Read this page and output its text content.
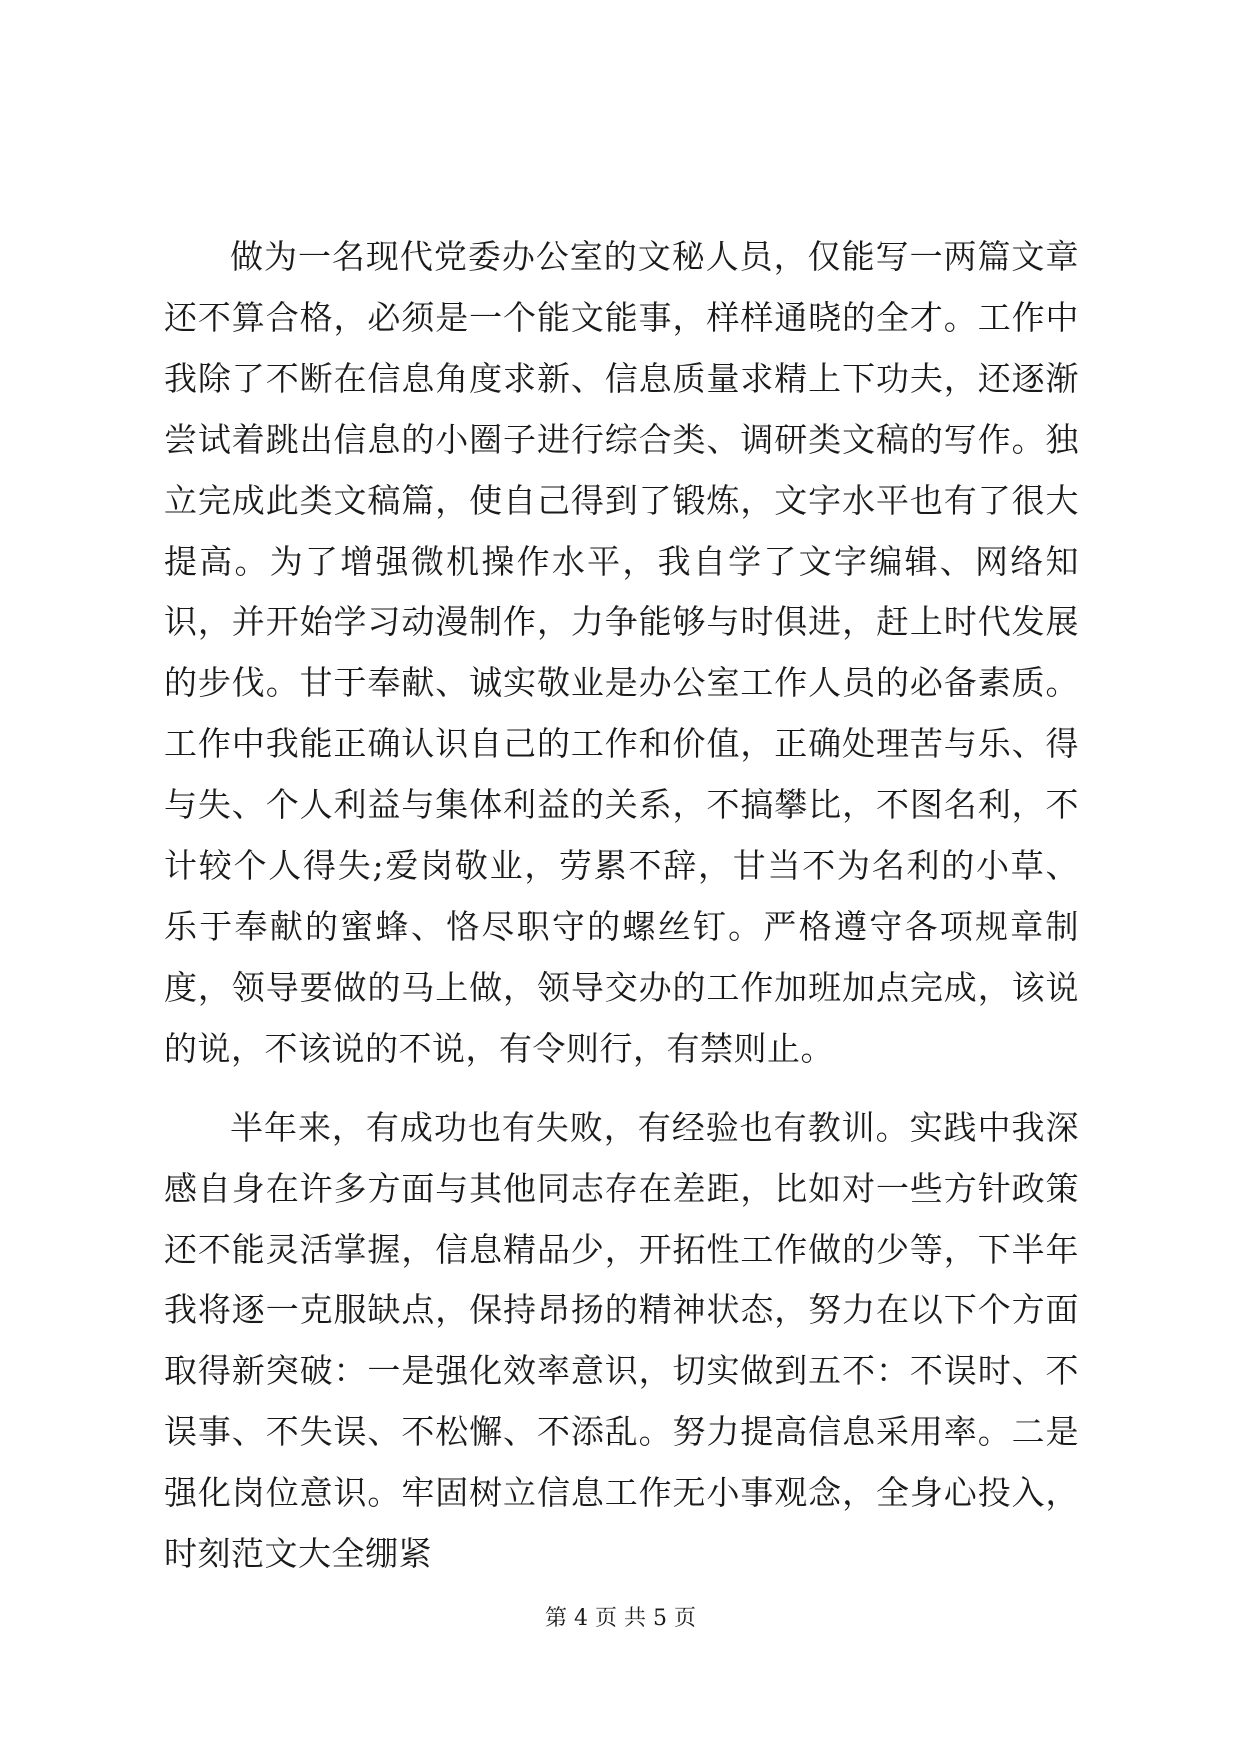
做为一名现代党委办公室的文秘人员，仅能写一两篇文章还不算合格，必须是一个能文能事，样样通晓的全才。工作中我除了不断在信息角度求新、信息质量求精上下功夫，还逐渐尝试着跳出信息的小圈子进行综合类、调研类文稿的写作。独立完成此类文稿篇，使自己得到了锻炼，文字水平也有了很大提高。为了增强微机操作水平，我自学了文字编辑、网络知识，并开始学习动漫制作，力争能够与时俱进，赶上时代发展的步伐。甘于奉献、诚实敬业是办公室工作人员的必备素质。工作中我能正确认识自己的工作和价值，正确处理苦与乐、得与失、个人利益与集体利益的关系，不搞攀比，不图名利，不计较个人得失;爱岗敬业，劳累不辞，甘当不为名利的小草、乐于奉献的蜜蜂、恪尽职守的螺丝钉。严格遵守各项规章制度，领导要做的马上做，领导交办的工作加班加点完成，该说的说，不该说的不说，有令则行，有禁则止。

半年来，有成功也有失败，有经验也有教训。实践中我深感自身在许多方面与其他同志存在差距，比如对一些方针政策还不能灵活掌握，信息精品少，开拓性工作做的少等，下半年我将逐一克服缺点，保持昂扬的精神状态，努力在以下个方面取得新突破：一是强化效率意识，切实做到五不：不误时、不误事、不失误、不松懈、不添乱。努力提高信息采用率。二是强化岗位意识。牢固树立信息工作无小事观念，全身心投入，时刻范文大全绷紧

第 4 页 共 5 页
